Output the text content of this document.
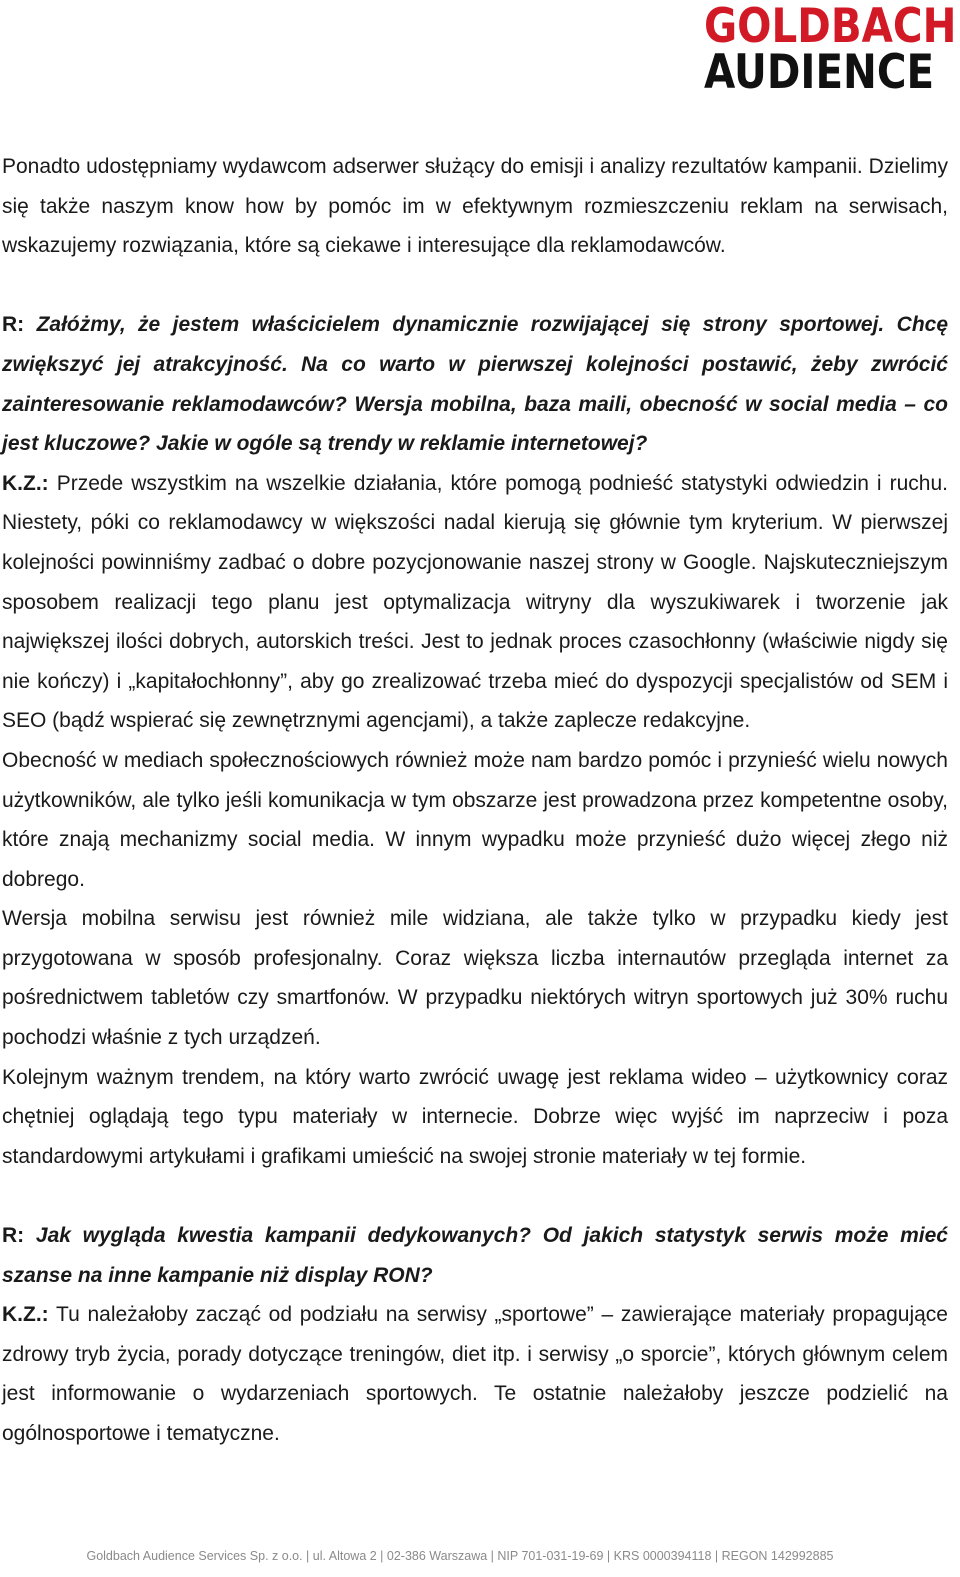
GOLDBACH
AUDIENCE

Ponadto udostępniamy wydawcom adserwer służący do emisji i analizy rezultatów kampanii. Dzielimy się także naszym know how by pomóc im w efektywnym rozmieszczeniu reklam na serwisach, wskazujemy rozwiązania, które są ciekawe i interesujące dla reklamodawców.

R: Załóżmy, że jestem właścicielem dynamicznie rozwijającej się strony sportowej. Chcę zwiększyć jej atrakcyjność. Na co warto w pierwszej kolejności postawić, żeby zwrócić zainteresowanie reklamodawców? Wersja mobilna, baza maili, obecność w social media – co jest kluczowe? Jakie w ogóle są trendy w reklamie internetowej?

K.Z.: Przede wszystkim na wszelkie działania, które pomogą podnieść statystyki odwiedzin i ruchu. Niestety, póki co reklamodawcy w większości nadal kierują się głównie tym kryterium. W pierwszej kolejności powinniśmy zadbać o dobre pozycjonowanie naszej strony w Google. Najskuteczniejszym sposobem realizacji tego planu jest optymalizacja witryny dla wyszukiwarek i tworzenie jak największej ilości dobrych, autorskich treści. Jest to jednak proces czasochłonny (właściwie nigdy się nie kończy) i „kapitałochłonny”, aby go zrealizować trzeba mieć do dyspozycji specjalistów od SEM i SEO (bądź wspierać się zewnętrznymi agencjami), a także zaplecze redakcyjne.

Obecność w mediach społecznościowych również może nam bardzo pomóc i przynieść wielu nowych użytkowników, ale tylko jeśli komunikacja w tym obszarze jest prowadzona przez kompetentne osoby, które znają mechanizmy social media. W innym wypadku może przynieść dużo więcej złego niż dobrego.

Wersja mobilna serwisu jest również mile widziana, ale także tylko w przypadku kiedy jest przygotowana w sposób profesjonalny. Coraz większa liczba internautów przegląda internet za pośrednictwem tabletów czy smartfonów. W przypadku niektórych witryn sportowych już 30% ruchu pochodzi właśnie z tych urządzeń.

Kolejnym ważnym trendem, na który warto zwrócić uwagę jest reklama wideo – użytkownicy coraz chętniej oglądają tego typu materiały w internecie. Dobrze więc wyjść im naprzeciw i poza standardowymi artykułami i grafikami umieścić na swojej stronie materiały w tej formie.

R: Jak wygląda kwestia kampanii dedykowanych? Od jakich statystyk serwis może mieć szanse na inne kampanie niż display RON?

K.Z.: Tu należałoby zacząć od podziału na serwisy „sportowe” – zawierające materiały propagujące zdrowy tryb życia, porady dotyczące treningów, diet itp. i serwisy „o sporcie”, których głównym celem jest informowanie o wydarzeniach sportowych. Te ostatnie należałoby jeszcze podzielić na ogólnosportowe i tematyczne.

Goldbach Audience Services Sp. z o.o. | ul. Altowa 2 | 02-386 Warszawa | NIP 701-031-19-69 | KRS 0000394118 | REGON 142992885
